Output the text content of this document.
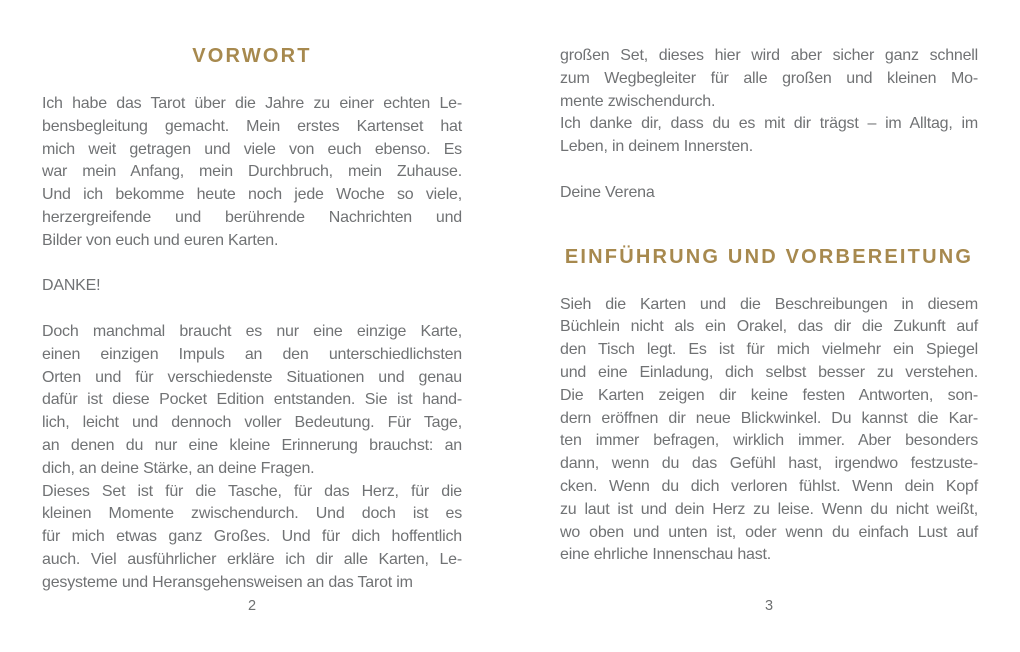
VORWORT
Ich habe das Tarot über die Jahre zu einer echten Le-
bensbegleitung gemacht. Mein erstes Kartenset hat
mich weit getragen und viele von euch ebenso. Es
war mein Anfang, mein Durchbruch, mein Zuhause.
Und ich bekomme heute noch jede Woche so viele,
herzergreifende und berührende Nachrichten und
Bilder von euch und euren Karten.
DANKE!
Doch manchmal braucht es nur eine einzige Karte,
einen einzigen Impuls an den unterschiedlichsten
Orten und für verschiedenste Situationen und genau
dafür ist diese Pocket Edition entstanden. Sie ist hand-
lich, leicht und dennoch voller Bedeutung. Für Tage,
an denen du nur eine kleine Erinnerung brauchst: an
dich, an deine Stärke, an deine Fragen.
Dieses Set ist für die Tasche, für das Herz, für die
kleinen Momente zwischendurch. Und doch ist es
für mich etwas ganz Großes. Und für dich hoffentlich
auch. Viel ausführlicher erkläre ich dir alle Karten, Le-
gesysteme und Heransgehensweisen an das Tarot im
2
großen Set, dieses hier wird aber sicher ganz schnell
zum Wegbegleiter für alle großen und kleinen Mo-
mente zwischendurch.
Ich danke dir, dass du es mit dir trägst – im Alltag, im
Leben, in deinem Innersten.
Deine Verena
EINFÜHRUNG UND VORBEREITUNG
Sieh die Karten und die Beschreibungen in diesem
Büchlein nicht als ein Orakel, das dir die Zukunft auf
den Tisch legt. Es ist für mich vielmehr ein Spiegel
und eine Einladung, dich selbst besser zu verstehen.
Die Karten zeigen dir keine festen Antworten, son-
dern eröffnen dir neue Blickwinkel. Du kannst die Kar-
ten immer befragen, wirklich immer. Aber besonders
dann, wenn du das Gefühl hast, irgendwo festzuste-
cken. Wenn du dich verloren fühlst. Wenn dein Kopf
zu laut ist und dein Herz zu leise. Wenn du nicht weißt,
wo oben und unten ist, oder wenn du einfach Lust auf
eine ehrliche Innenschau hast.
3
